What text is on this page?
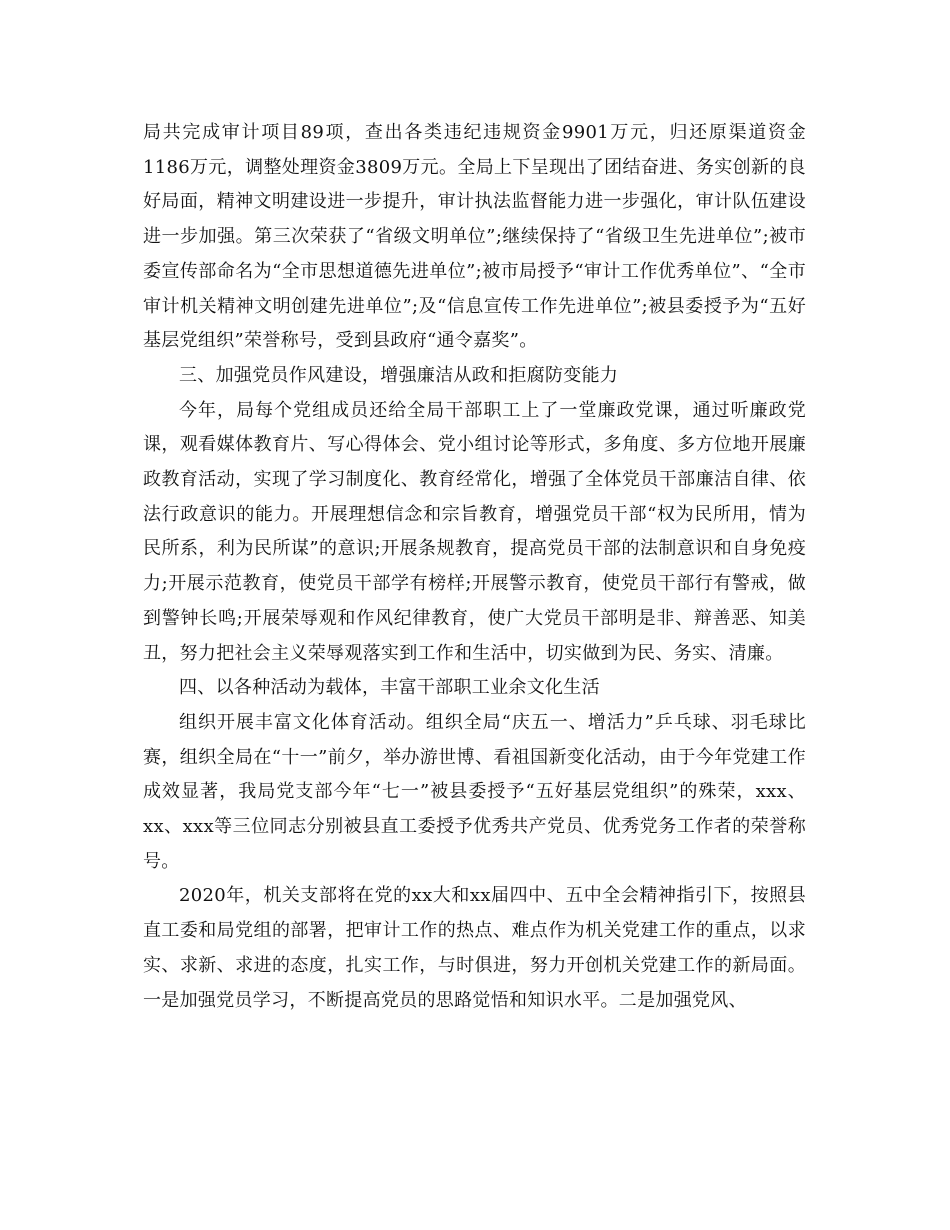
局共完成审计项目89项，查出各类违纪违规资金9901万元，归还原渠道资金1186万元，调整处理资金3809万元。全局上下呈现出了团结奋进、务实创新的良好局面，精神文明建设进一步提升，审计执法监督能力进一步强化，审计队伍建设进一步加强。第三次荣获了“省级文明单位”;继续保持了“省级卫生先进单位”;被市委宣传部命名为“全市思想道德先进单位”;被市局授予“审计工作优秀单位”、“全市审计机关精神文明创建先进单位”;及“信息宣传工作先进单位”;被县委授予为“五好基层党组织”荣誉称号，受到县政府“通令嘉奖”。

三、加强党员作风建设，增强廉洁从政和拒腐防变能力

今年，局每个党组成员还给全局干部职工上了一堂廉政党课，通过听廉政党课，观看媒体教育片、写心得体会、党小组讨论等形式，多角度、多方位地开展廉政教育活动，实现了学习制度化、教育经常化，增强了全体党员干部廉洁自律、依法行政意识的能力。开展理想信念和宗旨教育，增强党员干部“权为民所用，情为民所系，利为民所谋”的意识;开展条规教育，提高党员干部的法制意识和自身免疫力;开展示范教育，使党员干部学有榜样;开展警示教育，使党员干部行有警戒，做到警钟长鸣;开展荣辱观和作风纪律教育，使广大党员干部明是非、辩善恶、知美丑，努力把社会主义荣辱观落实到工作和生活中，切实做到为民、务实、清廉。

四、以各种活动为载体，丰富干部职工业余文化生活

组织开展丰富文化体育活动。组织全局“庆五一、增活力”乒乓球、羽毛球比赛，组织全局在“十一”前夕，举办游世博、看祖国新变化活动，由于今年党建工作成效显著，我局党支部今年“七一”被县委授予“五好基层党组织”的殊荣，xxx、xx、xxx等三位同志分别被县直工委授予优秀共产党员、优秀党务工作者的荣誉称号。

2020年，机关支部将在党的xx大和xx届四中、五中全会精神指引下，按照县直工委和局党组的部署，把审计工作的热点、难点作为机关党建工作的重点，以求实、求新、求进的态度，扎实工作，与时俱进，努力开创机关党建工作的新局面。一是加强党员学习，不断提高党员的思路觉悟和知识水平。二是加强党风、
